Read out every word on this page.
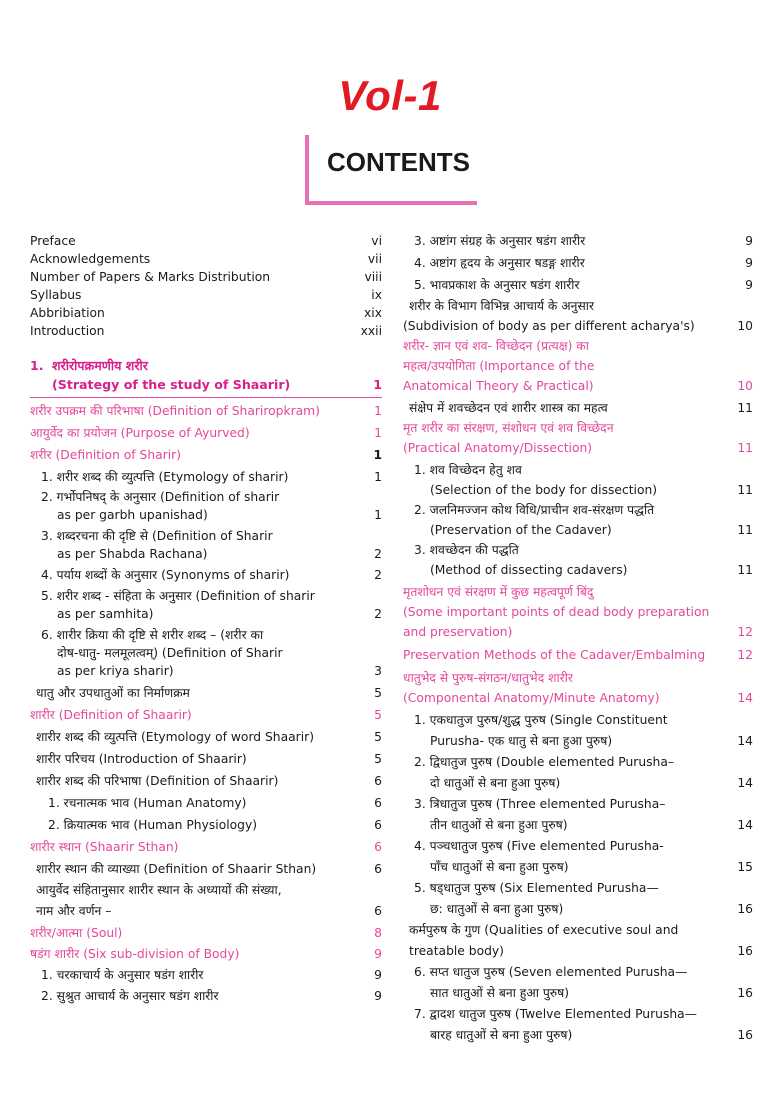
Vol-1
CONTENTS
Preface	vi
Acknowledgements	vii
Number of Papers & Marks Distribution	viii
Syllabus	ix
Abbribiation	xix
Introduction	xxii
1. शरीरोपक्रमणीय शरीर
(Strategy of the study of Shaarir)	1
शरीर उपक्रम की परिभाषा (Definition of Shariropkram)	1
आयुर्वेद का प्रयोजन (Purpose of Ayurved)	1
शरीर (Definition of Sharir)	1
1. शरीर शब्द की व्युत्पत्ति (Etymology of sharir)	1
2. गर्भोपनिषद् के अनुसार (Definition of sharir
as per garbh upanishad)	1
3. शब्दरचना की दृष्टि से (Definition of Sharir
as per Shabda Rachana)	2
4. पर्याय शब्दों के अनुसार (Synonyms of sharir)	2
5. शरीर शब्द - संहिता के अनुसार (Definition of sharir
as per samhita)	2
6. शारीर क्रिया की दृष्टि से शरीर शब्द – (शरीर का
दोष-धातु- मलमूलत्वम्) (Definition of Sharir
as per kriya sharir)	3
धातु और उपधातुओं का निर्माणक्रम	5
शारीर (Definition of Shaarir)	5
शारीर शब्द की व्युत्पत्ति (Etymology of word Shaarir)	5
शारीर परिचय (Introduction of Shaarir)	5
शारीर शब्द की परिभाषा (Definition of Shaarir)	6
1. रचनात्मक भाव (Human Anatomy)	6
2. क्रियात्मक भाव (Human Physiology)	6
शारीर स्थान (Shaarir Sthan)	6
शारीर स्थान की व्याख्या (Definition of Shaarir Sthan)	6
आयुर्वेद संहितानुसार शारीर स्थान के अध्यायों की संख्या,
नाम और वर्णन –	6
शरीर/आत्मा (Soul)	8
षडंग शारीर (Six sub-division of Body)	9
1. चरकाचार्य के अनुसार षडंग शारीर	9
2. सुश्रुत आचार्य के अनुसार षडंग शारीर	9
3. अष्टांग संग्रह के अनुसार षडंग शारीर	9
4. अष्टांग हृदय के अनुसार षडङ्ग शारीर	9
5. भावप्रकाश के अनुसार षडंग शारीर	9
शरीर के विभाग विभिन्न आचार्य के अनुसार
(Subdivision of body as per different acharya's)	10
शरीर- ज्ञान एवं शव- विच्छेदन (प्रत्यक्ष) का
महत्व/उपयोगिता (Importance of the
Anatomical Theory & Practical)	10
संक्षेप में शवच्छेदन एवं शारीर शास्त्र का महत्व	11
मृत शरीर का संरक्षण, संशोधन एवं शव विच्छेदन
(Practical Anatomy/Dissection)	11
1. शव विच्छेदन हेतु शव
(Selection of the body for dissection)	11
2. जलनिमज्जन कोथ विधि/प्राचीन शव-संरक्षण पद्धति
(Preservation of the Cadaver)	11
3. शवच्छेदन की पद्धति
(Method of dissecting cadavers)	11
मृतशोधन एवं संरक्षण में कुछ महत्वपूर्ण बिंदु
(Some important points of dead body preparation
and preservation)	12
Preservation Methods of the Cadaver/Embalming	12
धातुभेद से पुरुष-संगठन/धातुभेद शारीर
(Componental Anatomy/Minute Anatomy)	14
1. एकधातुज पुरुष/शुद्ध पुरुष (Single Constituent
Purusha- एक धातु से बना हुआ पुरुष)	14
2. द्विधातुज पुरुष (Double elemented Purusha–
दो धातुओं से बना हुआ पुरुष)	14
3. त्रिधातुज पुरुष (Three elemented Purusha–
तीन धातुओं से बना हुआ पुरुष)	14
4. पञ्चधातुज पुरुष (Five elemented Purusha-
पाँच धातुओं से बना हुआ पुरुष)	15
5. षड्धातुज पुरुष (Six Elemented Purusha—
छ: धातुओं से बना हुआ पुरुष)	16
कर्मपुरुष के गुण (Qualities of executive soul and
treatable body)	16
6. सप्त धातुज पुरुष (Seven elemented Purusha—
सात धातुओं से बना हुआ पुरुष)	16
7. द्वादश धातुज पुरुष (Twelve Elemented Purusha—
बारह धातुओं से बना हुआ पुरुष)	16
